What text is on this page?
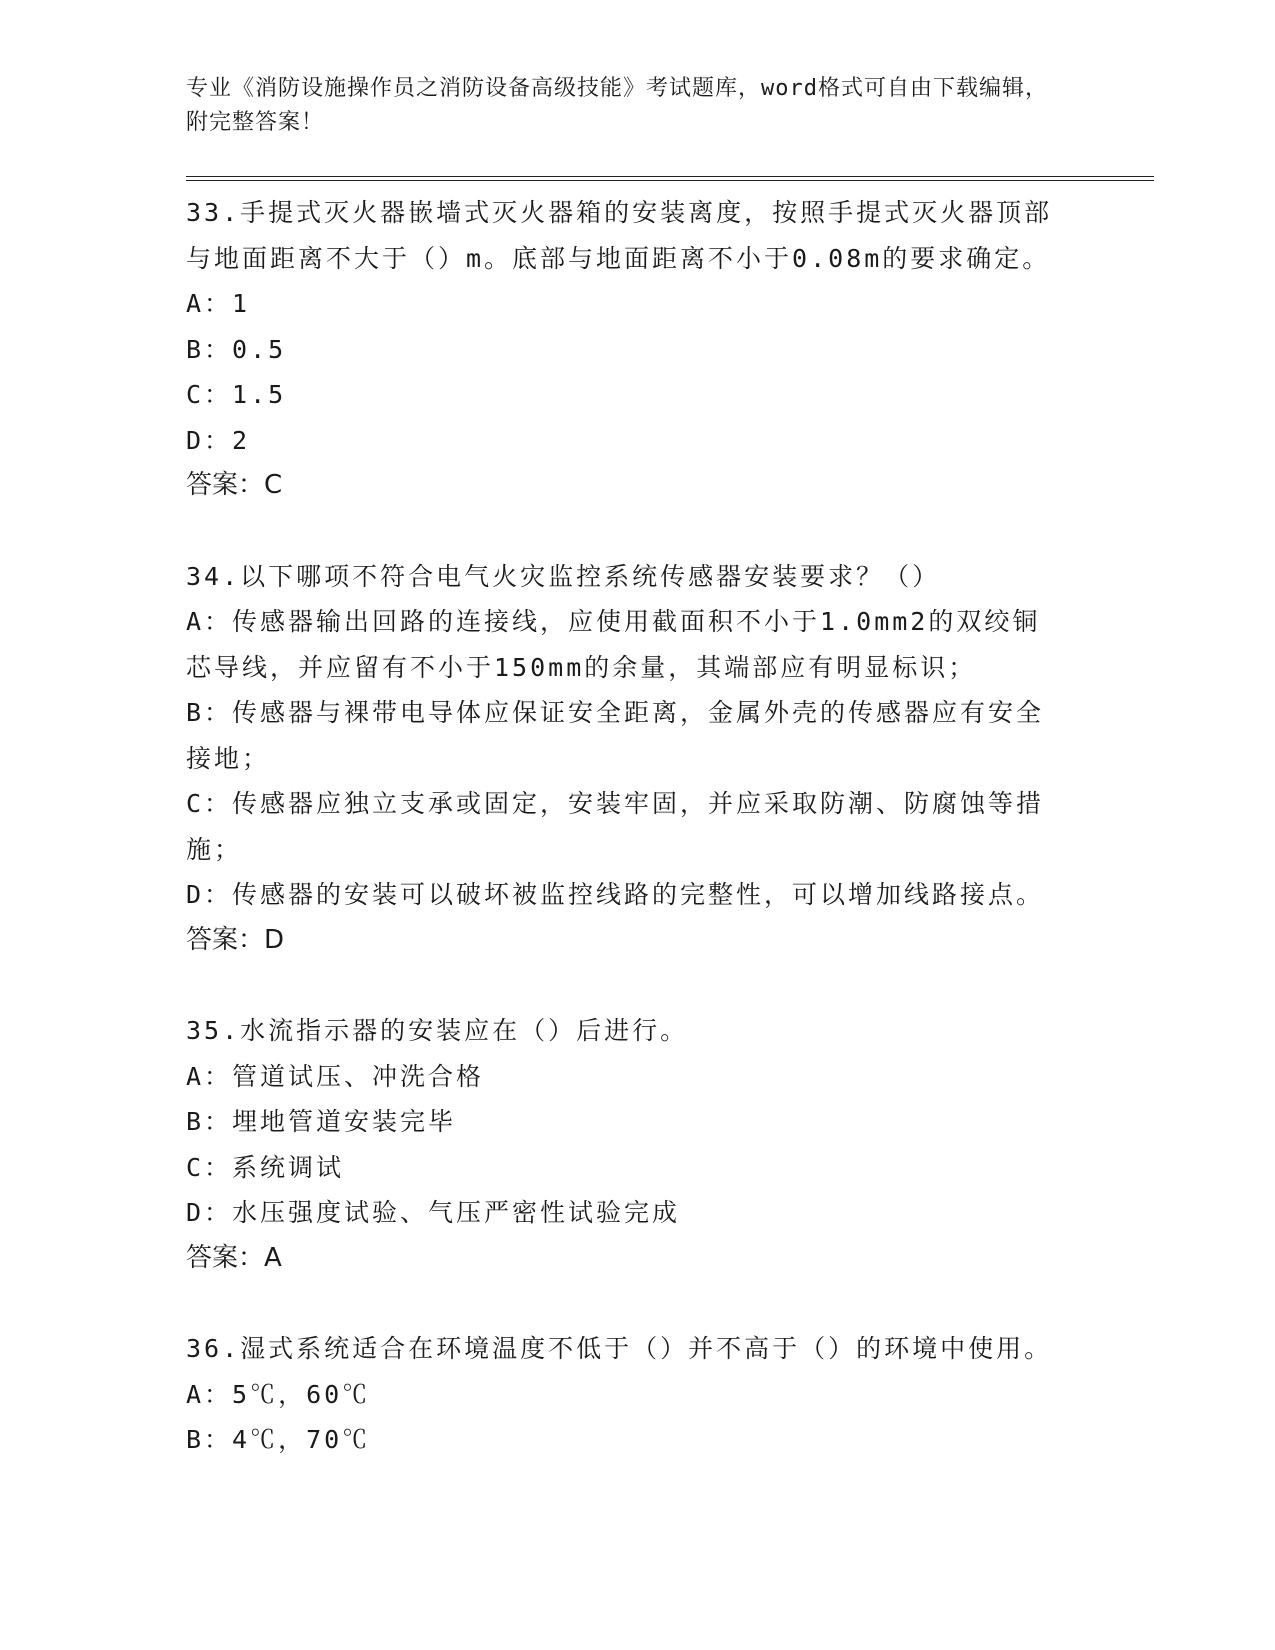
专业《消防设施操作员之消防设备高级技能》考试题库，word格式可自由下载编辑，附完整答案！
33.手提式灭火器嵌墙式灭火器箱的安装离度，按照手提式灭火器顶部与地面距离不大于（）m。底部与地面距离不小于0.08m的要求确定。
A：1
B：0.5
C：1.5
D：2
答案：C
34.以下哪项不符合电气火灾监控系统传感器安装要求？（）
A：传感器输出回路的连接线，应使用截面积不小于1.0mm2的双绞铜芯导线，并应留有不小于150mm的余量，其端部应有明显标识；
B：传感器与裸带电导体应保证安全距离，金属外壳的传感器应有安全接地；
C：传感器应独立支承或固定，安装牢固，并应采取防潮、防腐蚀等措施；
D：传感器的安装可以破坏被监控线路的完整性，可以增加线路接点。
答案：D
35.水流指示器的安装应在（）后进行。
A：管道试压、冲洗合格
B：埋地管道安装完毕
C：系统调试
D：水压强度试验、气压严密性试验完成
答案：A
36.湿式系统适合在环境温度不低于（）并不高于（）的环境中使用。
A：5℃，60℃
B：4℃，70℃
